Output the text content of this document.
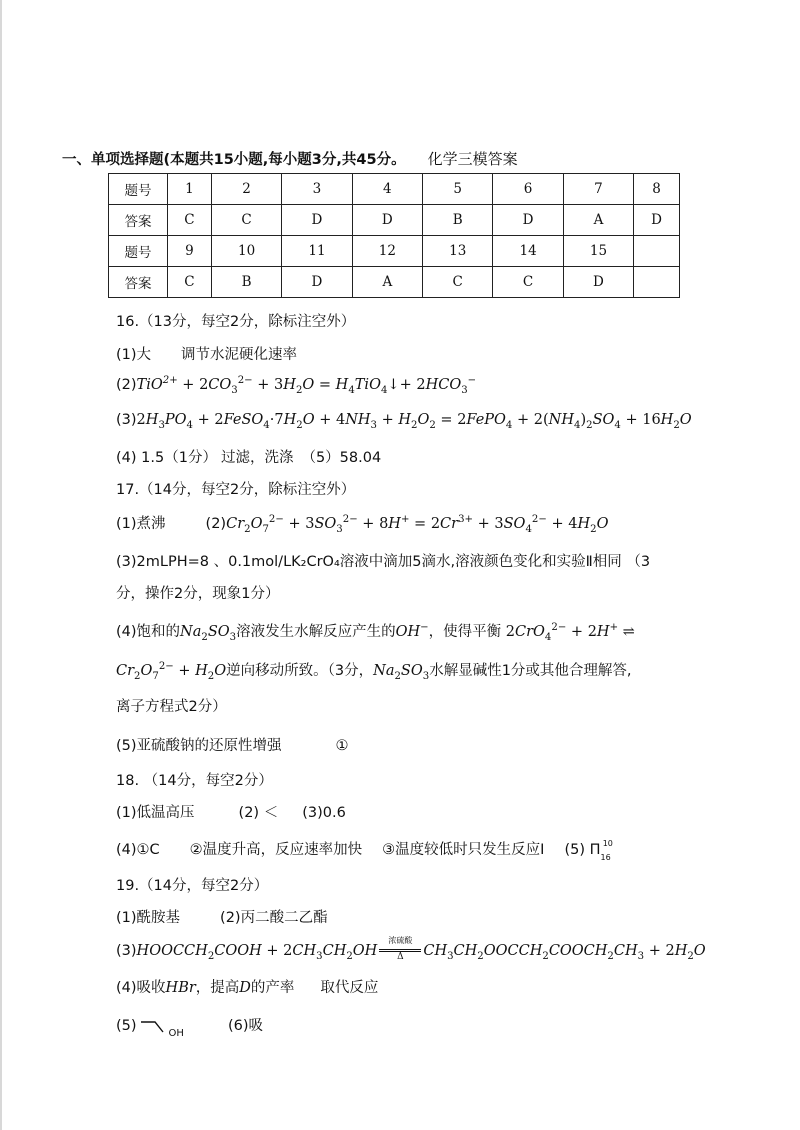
一、单项选择题(本题共15小题,每小题3分,共45分。 化学三模答案
题号	1	2	3	4	5	6	7	8
答案	C	C	D	D	B	D	A	D
题号	9	10	11	12	13	14	15	
答案	C	B	D	A	C	C	D	
16.（13分，每空2分，除标注空外）
(1)大 调节水泥硬化速率
$(2)TiO^{2+} + 2CO_3^{2-} + 3H_2O$ = $H_4TiO_4↓+ 2HCO_3^-$
$(3)2H_3PO_4$ + $2FeSO_4\cdot 7H_2O + 4NH_3 + H_2O_2$ = 2FePO$_4$ + $2(NH_4)_2SO_4 + 16H_2O$
(4) 1.5（1分） 过滤，洗涤 （5）58.04
17.（14分，每空2分，除标注空外）
(1)煮沸	$(2)Cr_2O_7^{2-} + 3SO_3^{2-} + 8H^+ = 2Cr^{3+} + 3SO_4^{2-} + 4H_2O$
(3)2mLPH=8 、0.1mol/LK₂CrO₄溶液中滴加5滴水,溶液颜色变化和实验Ⅱ相同 （3
分，操作2分，现象1分）
(4)饱和的$Na_2SO_3$溶液发生水解反应产生的OH−，使得平衡 2CrO$_4^{2-}$ + 2H+ ⇌
$Cr_2O_7^{2-} + H_2O$逆向移动所致。（3分，$Na_2SO_3$水解显碱性1分或其他合理解答,
离子方程式2分）
(5)亚硫酸钠的还原性增强	①
18. （14分，每空2分）
(1)低温高压	(2) ＜ (3)0.6
(4)①C ②温度升高，反应速率加快 ③温度较低时只发生反应Ⅰ (5) $\Pi_{16}^{10}$
19.（14分，每空2分）
(1)酰胺基	(2)丙二酸二乙酯
$(3)HOOCCH_2COOH + 2CH_3CH_2OH$
浓硫酸
Δ	$CH_3CH_2OOCCH_2COOCH_2CH_3 + 2H_2O$
(4)吸收HBr，提高D的产率 取代反应
(5)	$_{OH}$	(6)吸
